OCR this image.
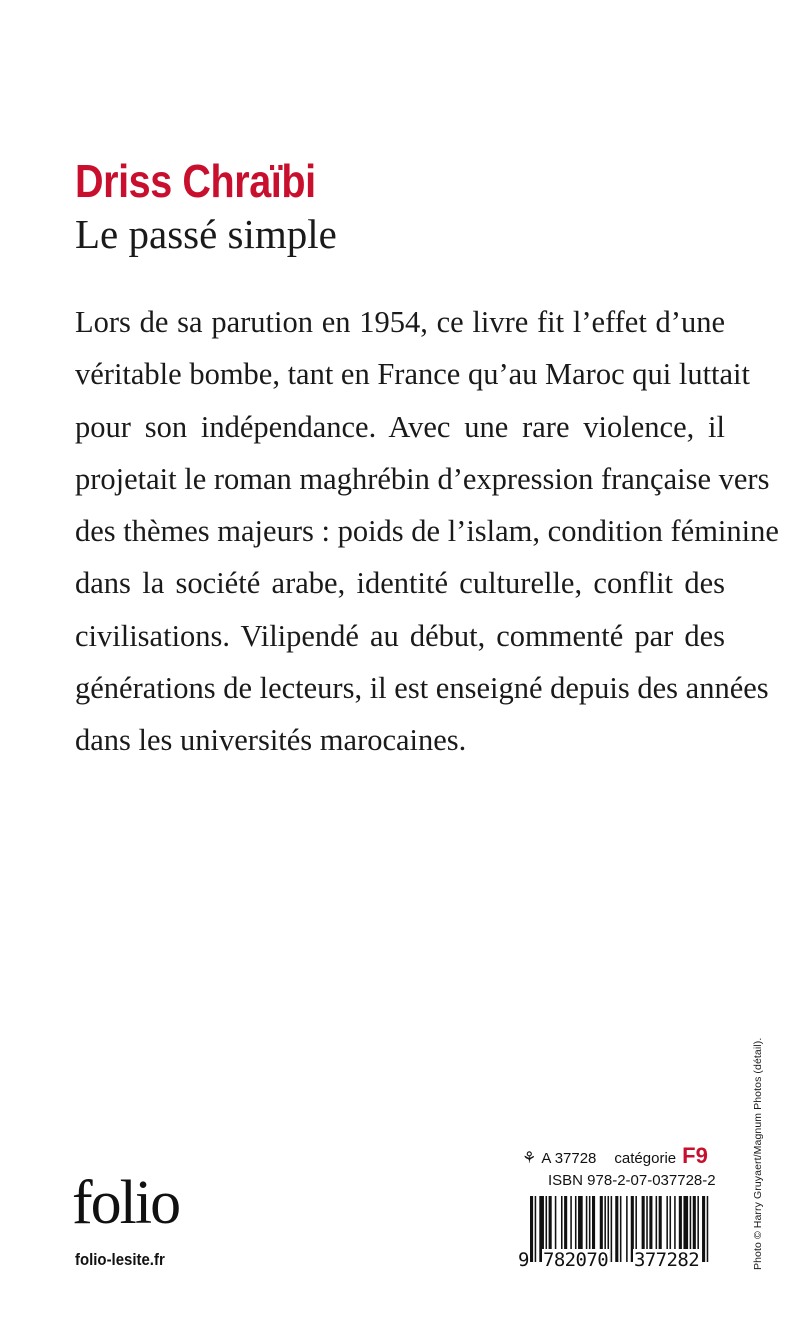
Driss Chraïbi
Le passé simple
Lors de sa parution en 1954, ce livre fit l’effet d’une
véritable bombe, tant en France qu’au Maroc qui luttait
pour son indépendance. Avec une rare violence, il
projetait le roman maghrébin d’expression française vers
des thèmes majeurs : poids de l’islam, condition féminine
dans la société arabe, identité culturelle, conflit des
civilisations. Vilipendé au début, commenté par des
générations de lecteurs, il est enseigné depuis des années
dans les universités marocaines.
Photo © Harry Gruyaert/Magnum Photos (détail).
⚘ A 37728 catégorie F9
ISBN 978-2-07-037728-2
9 782070 377282
folio
folio-lesite.fr
